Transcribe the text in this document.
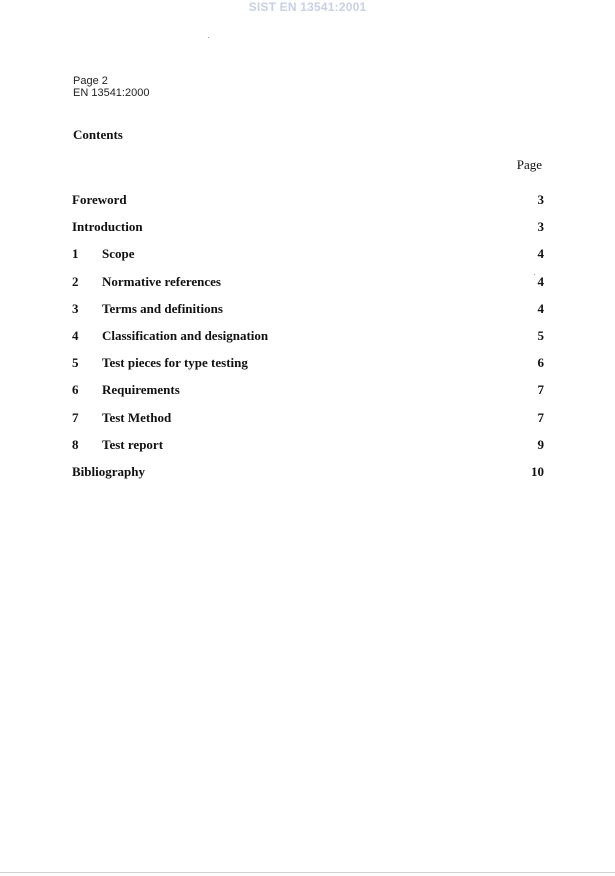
SIST EN 13541:2001
Page 2
EN 13541:2000
Contents
Page
Foreword	3
Introduction	3
1 Scope	4
2 Normative references	4
3 Terms and definitions	4
4 Classification and designation	5
5 Test pieces for type testing	6
6 Requirements	7
7 Test Method	7
8 Test report	9
Bibliography	10
